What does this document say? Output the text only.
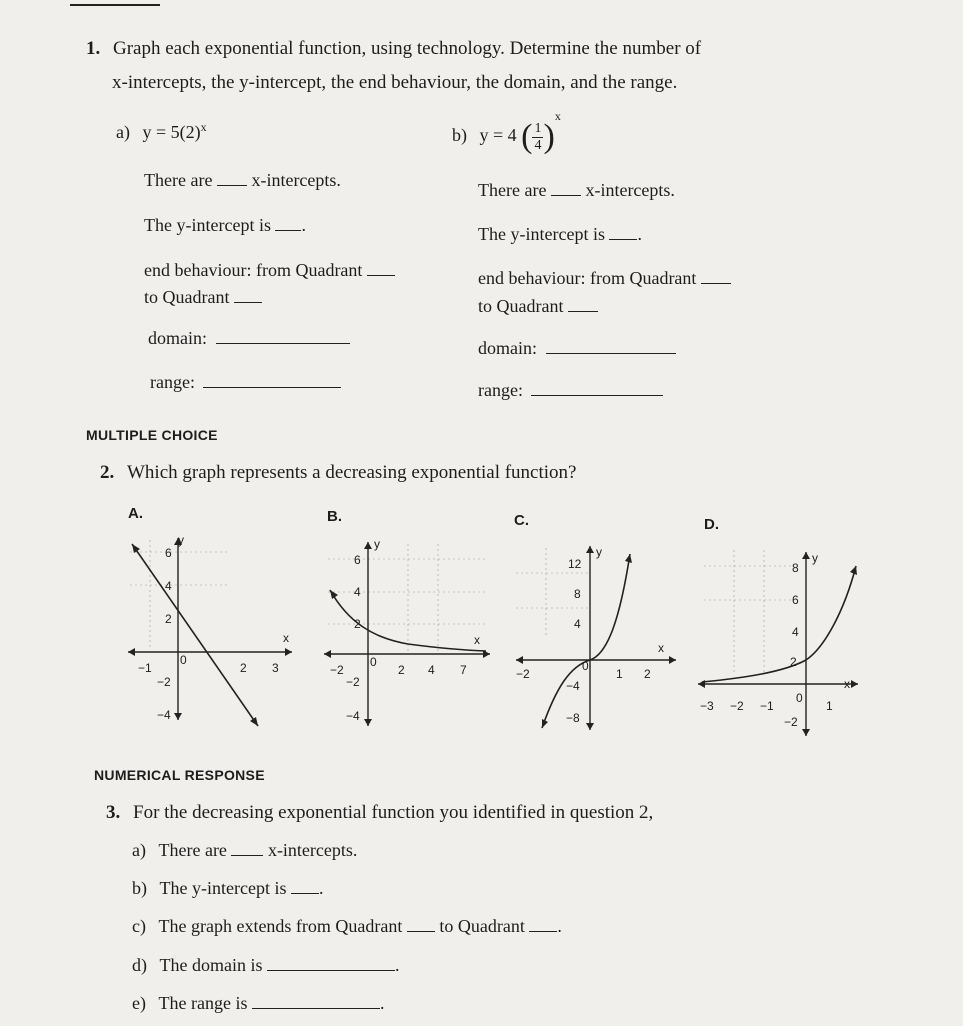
1. Graph each exponential function, using technology. Determine the number of
x-intercepts, the y-intercept, the end behaviour, the domain, and the range.
a) $y = 5(2)^x$
There are x-intercepts.
The y-intercept is .
end behaviour: from Quadrant
to Quadrant
domain:
range:
b) y = 4 ( $\frac{1}{4} )^x$
There are x-intercepts.
The y-intercept is .
end behaviour: from Quadrant
to Quadrant
domain:
range:
MULTIPLE CHOICE
2. Which graph represents a decreasing exponential function?
A.	B.	C.	D.
y
x
6
4
2
−2
−4
0
−1	2 3
y
x
6
4
2
−2
−4
0
−2	2 4 7
y
x
12
8
4
−4
−8
0
−2	1 2
y
x
8
6
4
2
−2
0
−3 −2 −1	1
NUMERICAL RESPONSE
3. For the decreasing exponential function you identified in question 2,
a) There are x-intercepts.
b) The y-intercept is .
c) The graph extends from Quadrant to Quadrant .
d) The domain is	.
e) The range is	.
